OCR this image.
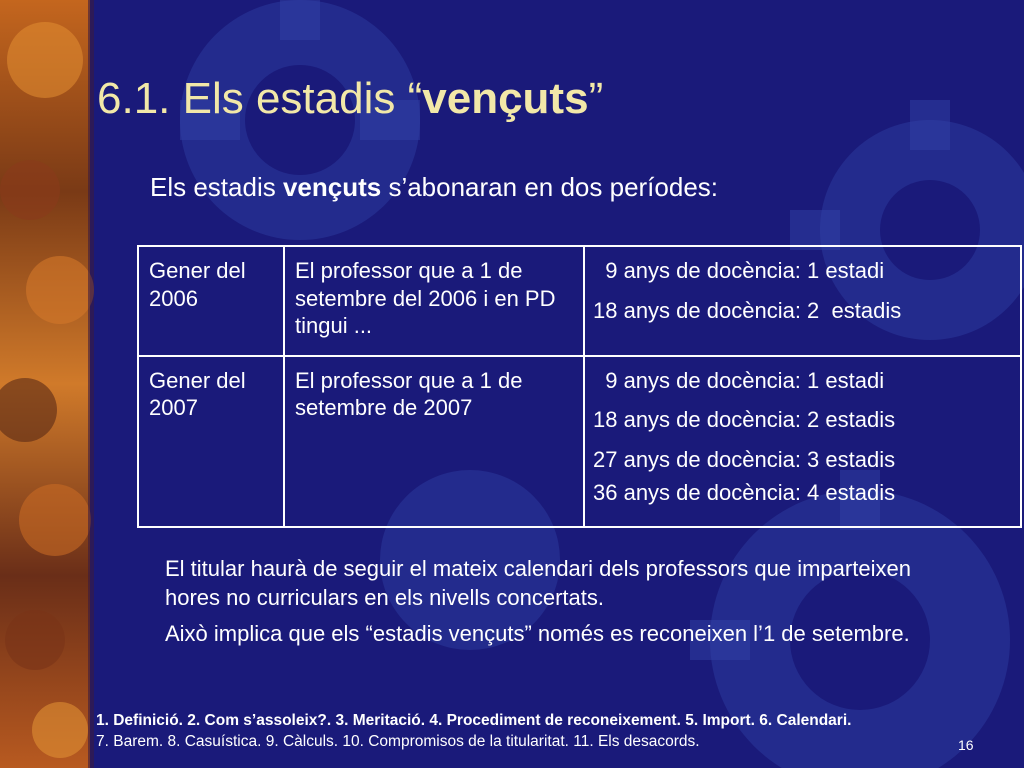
6.1. Els estadis “vençuts”
Els estadis vençuts s’abonaran en dos períodes:
Gener del 2006	El professor que a 1 de setembre del 2006 i en PD tingui ...	9 anys de docència: 1 estadi
18 anys de docència: 2  estadis

Gener del 2007	El professor que a 1 de setembre de 2007	9 anys de docència: 1 estadi
18 anys de docència: 2 estadis
27 anys de docència: 3 estadis
36 anys de docència: 4 estadis

El titular haurà de seguir el mateix calendari dels professors que imparteixen hores no curriculars en els nivells concertats.

Això implica que els “estadis vençuts” només es reconeixen l’1 de setembre.

1. Definició. 2. Com s’assoleix?. 3. Meritació. 4. Procediment de reconeixement. 5. Import. 6. Calendari.
7. Barem. 8. Casuística. 9. Càlculs. 10. Compromisos de la titularitat. 11. Els desacords.	16
